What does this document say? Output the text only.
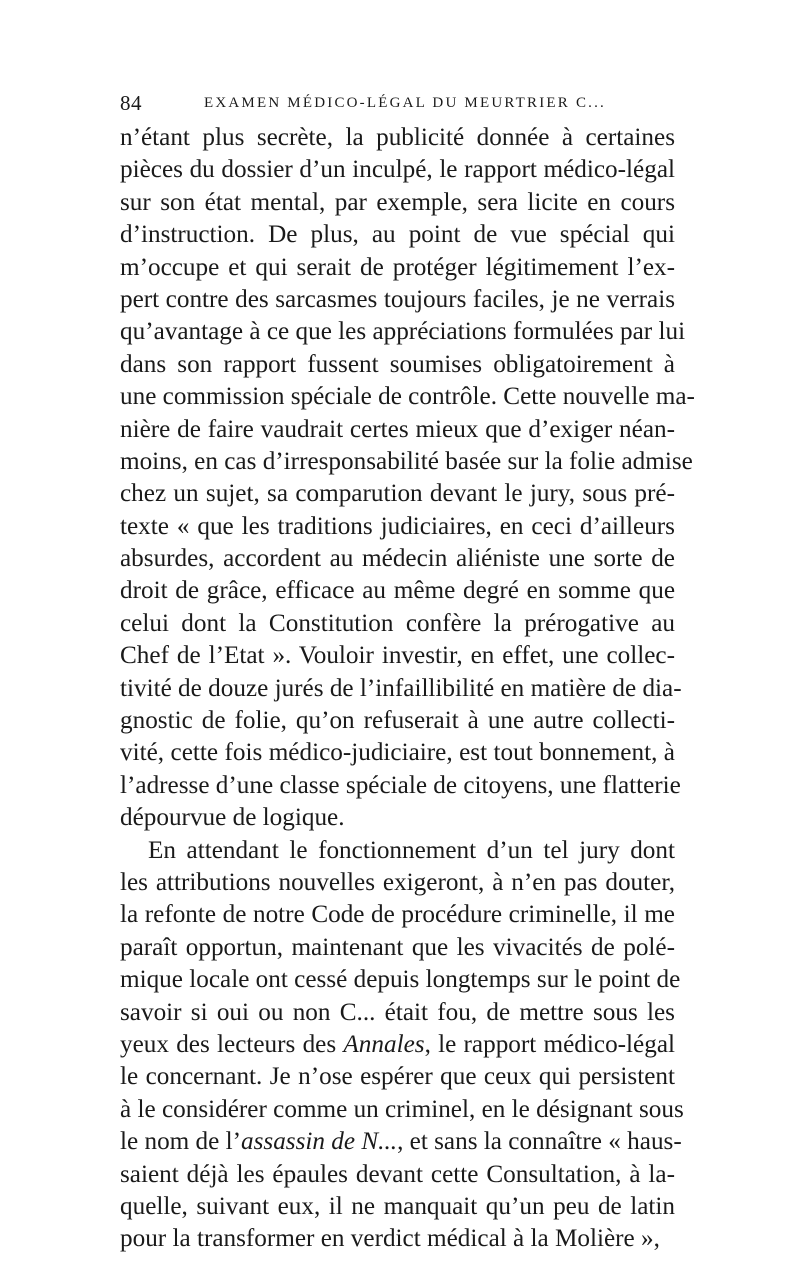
84	EXAMEN MÉDICO-LÉGAL DU MEURTRIER C...
n’étant plus secrète, la publicité donnée à certaines
pièces du dossier d’un inculpé, le rapport médico-légal
sur son état mental, par exemple, sera licite en cours
d’instruction. De plus, au point de vue spécial qui
m’occupe et qui serait de protéger légitimement l’ex-
pert contre des sarcasmes toujours faciles, je ne verrais
qu’avantage à ce que les appréciations formulées par lui
dans son rapport fussent soumises obligatoirement à
une commission spéciale de contrôle. Cette nouvelle ma-
nière de faire vaudrait certes mieux que d’exiger néan-
moins, en cas d’irresponsabilité basée sur la folie admise
chez un sujet, sa comparution devant le jury, sous pré-
texte « que les traditions judiciaires, en ceci d’ailleurs
absurdes, accordent au médecin aliéniste une sorte de
droit de grâce, efficace au même degré en somme que
celui dont la Constitution confère la prérogative au
Chef de l’Etat ». Vouloir investir, en effet, une collec-
tivité de douze jurés de l’infaillibilité en matière de dia-
gnostic de folie, qu’on refuserait à une autre collecti-
vité, cette fois médico-judiciaire, est tout bonnement, à
l’adresse d’une classe spéciale de citoyens, une flatterie
dépourvue de logique.
En attendant le fonctionnement d’un tel jury dont
les attributions nouvelles exigeront, à n’en pas douter,
la refonte de notre Code de procédure criminelle, il me
paraît opportun, maintenant que les vivacités de polé-
mique locale ont cessé depuis longtemps sur le point de
savoir si oui ou non C... était fou, de mettre sous les
yeux des lecteurs des Annales, le rapport médico-légal
le concernant. Je n’ose espérer que ceux qui persistent
à le considérer comme un criminel, en le désignant sous
le nom de l’assassin de N..., et sans la connaître « haus-
saient déjà les épaules devant cette Consultation, à la-
quelle, suivant eux, il ne manquait qu’un peu de latin
pour la transformer en verdict médical à la Molière »,
